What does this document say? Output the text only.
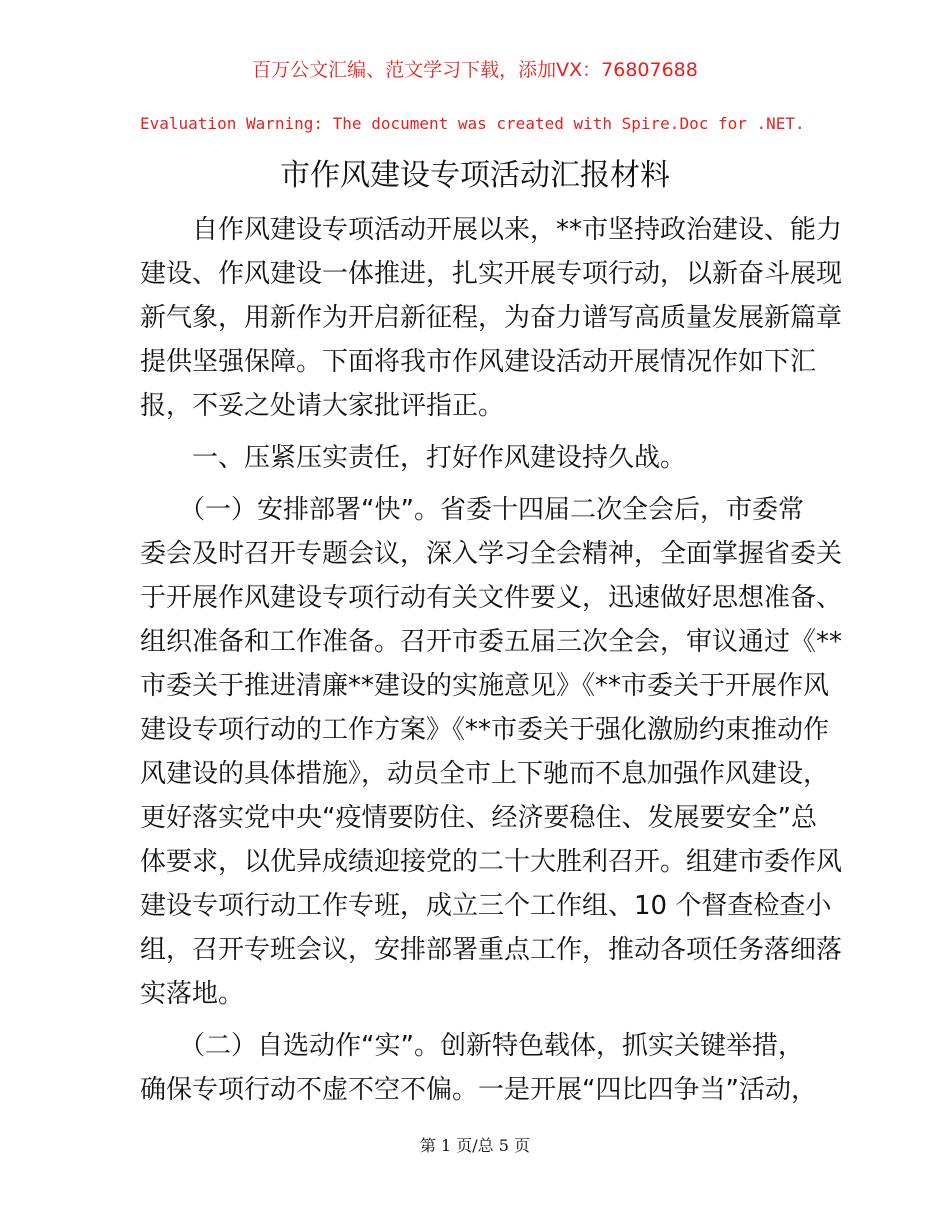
百万公文汇编、范文学习下载，添加VX：76807688
Evaluation Warning: The document was created with Spire.Doc for .NET.
市作风建设专项活动汇报材料
　　自作风建设专项活动开展以来，**市坚持政治建设、能力
建设、作风建设一体推进，扎实开展专项行动，以新奋斗展现
新气象，用新作为开启新征程，为奋力谱写高质量发展新篇章
提供坚强保障。下面将我市作风建设活动开展情况作如下汇
报，不妥之处请大家批评指正。
　　一、压紧压实责任，打好作风建设持久战。
　　（一）安排部署“快”。省委十四届二次全会后，市委常
委会及时召开专题会议，深入学习全会精神，全面掌握省委关
于开展作风建设专项行动有关文件要义，迅速做好思想准备、
组织准备和工作准备。召开市委五届三次全会，审议通过《**
市委关于推进清廉**建设的实施意见》《**市委关于开展作风
建设专项行动的工作方案》《**市委关于强化激励约束推动作
风建设的具体措施》，动员全市上下驰而不息加强作风建设，
更好落实党中央“疫情要防住、经济要稳住、发展要安全”总
体要求，以优异成绩迎接党的二十大胜利召开。组建市委作风
建设专项行动工作专班，成立三个工作组、10 个督查检查小
组，召开专班会议，安排部署重点工作，推动各项任务落细落
实落地。
　　（二）自选动作“实”。创新特色载体，抓实关键举措，
确保专项行动不虚不空不偏。一是开展“四比四争当”活动，
第 1 页/总 5 页
